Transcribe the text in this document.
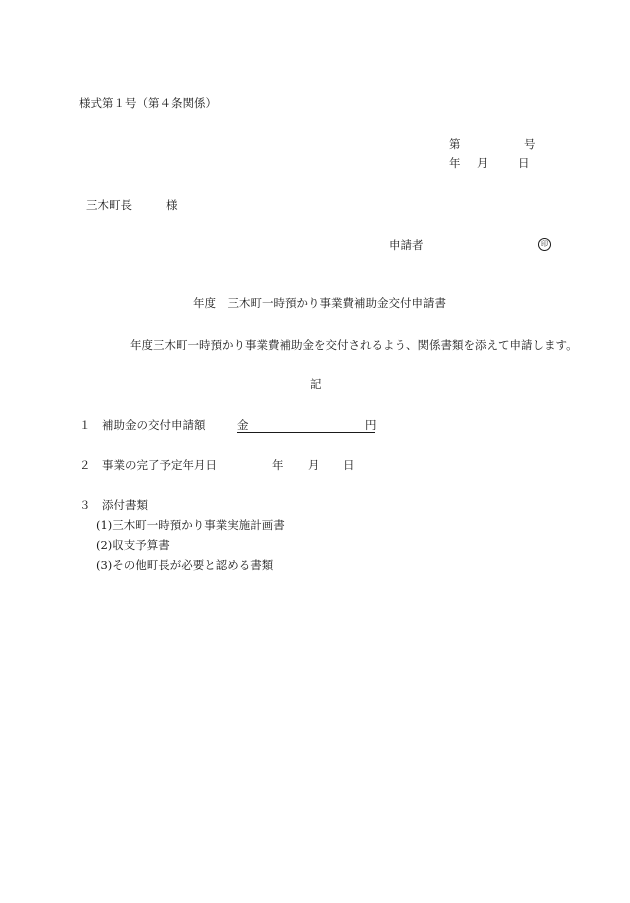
様式第１号（第４条関係）
第	号
年 月	日
三木町長	様
申請者	印
年度　三木町一時預かり事業費補助金交付申請書
年度三木町一時預かり事業費補助金を交付されるよう、関係書類を添えて申請します。
記
１　補助金の交付申請額	金	円
２　事業の完了予定年月日	年 月 日
３　添付書類
(1)三木町一時預かり事業実施計画書
(2)収支予算書
(3)その他町長が必要と認める書類
